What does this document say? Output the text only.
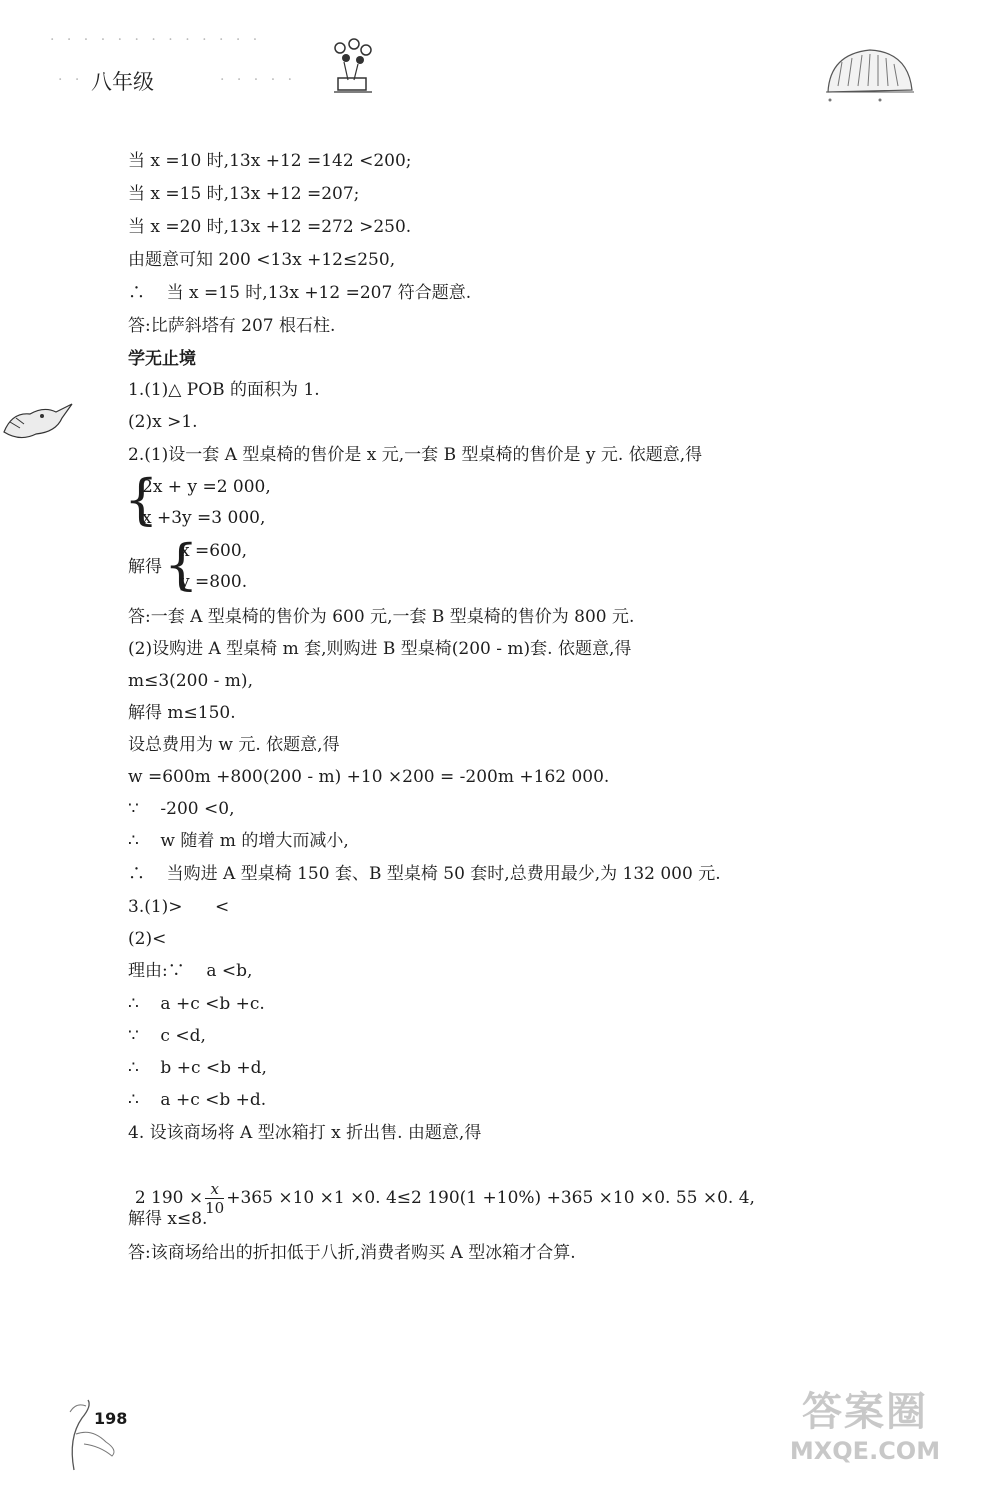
· · · · · · · · · · · · ·
· ·	· · · · ·
八年级
当 x =10 时,13x +12 =142 <200;
当 x =15 时,13x +12 =207;
当 x =20 时,13x +12 =272 >250.
由题意可知 200 <13x +12≤250,
∴    当 x =15 时,13x +12 =207 符合题意.
答:比萨斜塔有 207 根石柱.
学无止境
1.(1)△ POB 的面积为 1.
(2)x >1.
2.(1)设一套 A 型桌椅的售价是 x 元,一套 B 型桌椅的售价是 y 元. 依题意,得
{
2x + y =2 000,
x +3y =3 000,
解得 {
x =600,
y =800.
答:一套 A 型桌椅的售价为 600 元,一套 B 型桌椅的售价为 800 元.
(2)设购进 A 型桌椅 m 套,则购进 B 型桌椅(200 - m)套. 依题意,得
m≤3(200 - m),
解得 m≤150.
设总费用为 w 元. 依题意,得
w =600m +800(200 - m) +10 ×200 = -200m +162 000.
∵    -200 <0,
∴    w 随着 m 的增大而减小,
∴    当购进 A 型桌椅 150 套、B 型桌椅 50 套时,总费用最少,为 132 000 元.
3.(1)>      <
(2)<
理由:∵    a <b,
∴    a +c <b +c.
∵    c <d,
∴    b +c <b +d,
∴    a +c <b +d.
4. 设该商场将 A 型冰箱打 x 折出售. 由题意,得

2 $190 \times \frac{x}{10} +365 \times 10 \times 1 \times 0$. 4≤2 190(1 +10%) +365 ×10 ×0. 55 ×0. 4,

解得 x≤8.
答:该商场给出的折扣低于八折,消费者购买 A 型冰箱才合算.
198	答案圈
MXQE.COM
